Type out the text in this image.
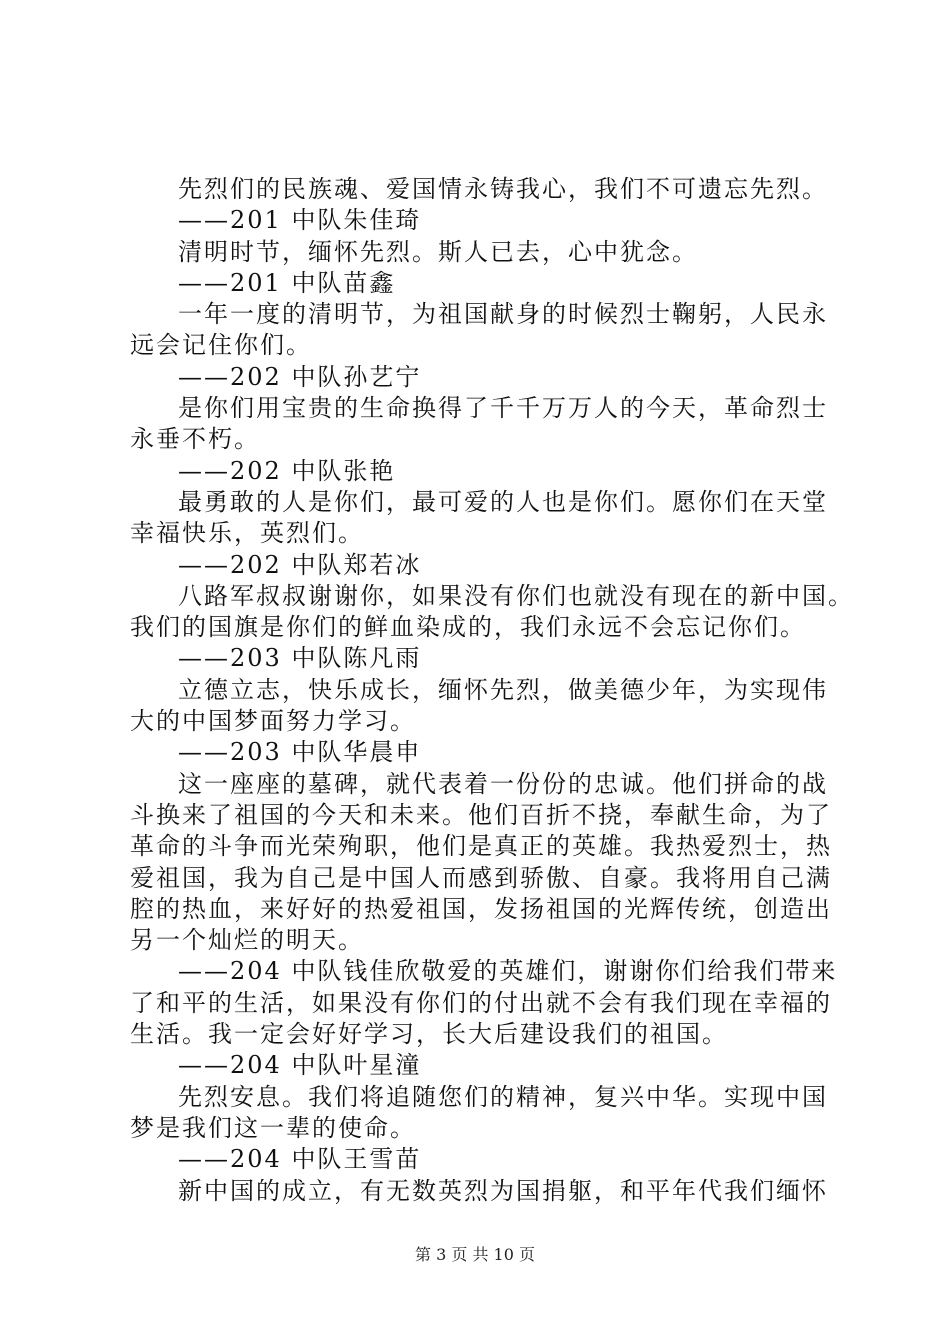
先烈们的民族魂、爱国情永铸我心，我们不可遗忘先烈。
——201 中队朱佳琦
清明时节，缅怀先烈。斯人已去，心中犹念。
——201 中队苗鑫
一年一度的清明节，为祖国献身的时候烈士鞠躬，人民永
远会记住你们。
——202 中队孙艺宁
是你们用宝贵的生命换得了千千万万人的今天，革命烈士
永垂不朽。
——202 中队张艳
最勇敢的人是你们，最可爱的人也是你们。愿你们在天堂
幸福快乐，英烈们。
——202 中队郑若冰
八路军叔叔谢谢你，如果没有你们也就没有现在的新中国。
我们的国旗是你们的鲜血染成的，我们永远不会忘记你们。
——203 中队陈凡雨
立德立志，快乐成长，缅怀先烈，做美德少年，为实现伟
大的中国梦面努力学习。
——203 中队华晨申
这一座座的墓碑，就代表着一份份的忠诚。他们拼命的战
斗换来了祖国的今天和未来。他们百折不挠，奉献生命，为了
革命的斗争而光荣殉职，他们是真正的英雄。我热爱烈士，热
爱祖国，我为自己是中国人而感到骄傲、自豪。我将用自己满
腔的热血，来好好的热爱祖国，发扬祖国的光辉传统，创造出
另一个灿烂的明天。
——204 中队钱佳欣敬爱的英雄们，谢谢你们给我们带来
了和平的生活，如果没有你们的付出就不会有我们现在幸福的
生活。我一定会好好学习，长大后建设我们的祖国。
——204 中队叶星潼
先烈安息。我们将追随您们的精神，复兴中华。实现中国
梦是我们这一辈的使命。
——204 中队王雪苗
新中国的成立，有无数英烈为国捐躯，和平年代我们缅怀
第 3 页 共 10 页
